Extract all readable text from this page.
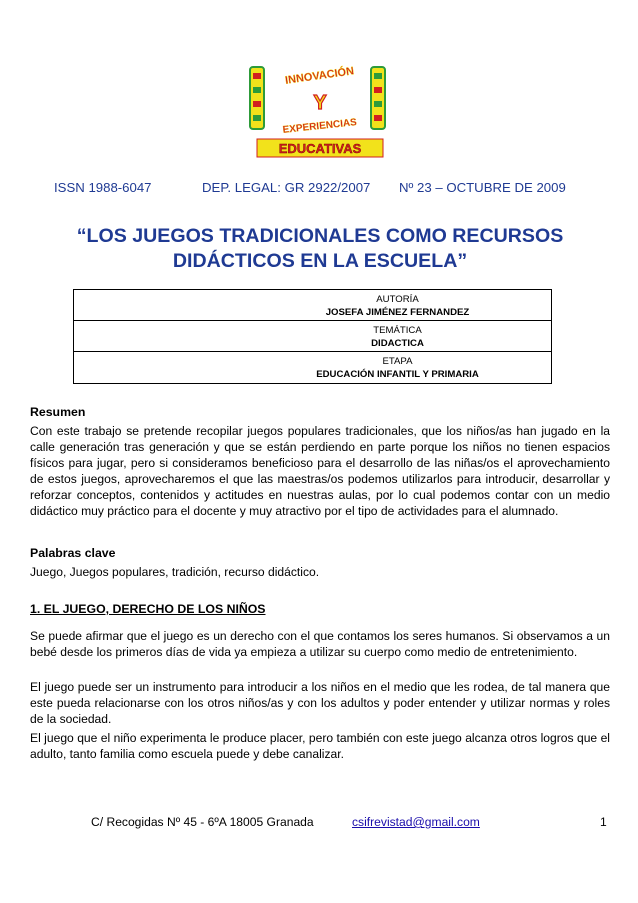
INNOVACIÓN
Y
EXPERIENCIAS
EDUCATIVAS
ISSN 1988-6047	DEP. LEGAL: GR 2922/2007 Nº 23 – OCTUBRE DE 2009
“LOS JUEGOS TRADICIONALES COMO RECURSOS
DIDÁCTICOS EN LA ESCUELA”
AUTORÍA
JOSEFA JIMÉNEZ FERNANDEZ
TEMÁTICA
DIDACTICA
ETAPA
EDUCACIÓN INFANTIL Y PRIMARIA
Resumen
Con este trabajo se pretende recopilar juegos populares tradicionales, que los niños/as han jugado en la calle generación tras generación y que se están perdiendo en parte porque los niños no tienen espacios físicos para jugar, pero si consideramos beneficioso para el desarrollo de las niñas/os el aprovechamiento de estos juegos, aprovecharemos el que las maestras/os podemos utilizarlos para introducir, desarrollar y reforzar conceptos, contenidos y actitudes en nuestras aulas, por lo cual podemos contar con un medio didáctico muy práctico para el docente y muy atractivo por el tipo de actividades para el alumnado.
Palabras clave
Juego, Juegos populares, tradición, recurso didáctico.
1. EL JUEGO, DERECHO DE LOS NIÑOS
Se puede afirmar que el juego es un derecho con el que contamos los seres humanos. Si observamos a un bebé desde los primeros días de vida ya empieza a utilizar su cuerpo como medio de entretenimiento.
El juego puede ser un instrumento para introducir a los niños en el medio que les rodea, de tal manera que este pueda relacionarse con los otros niños/as y con los adultos y poder entender y utilizar normas y roles de la sociedad.
El juego que el niño experimenta le produce placer, pero también con este juego alcanza otros logros que el adulto, tanto familia como escuela puede y debe canalizar.
C/ Recogidas Nº 45 - 6ºA 18005 Granada	csifrevistad@gmail.com	1
